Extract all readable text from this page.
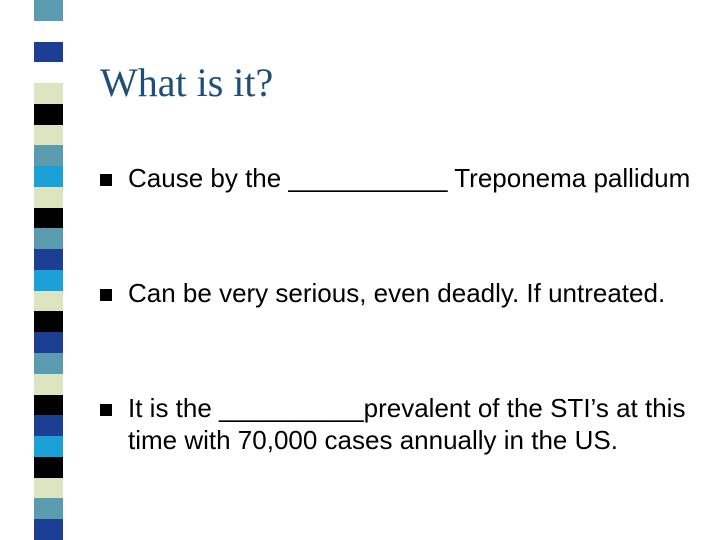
What is it?
Cause by the ___________ Treponema pallidum
Can be very serious, even deadly. If untreated.
It is the __________prevalent of the STI’s at this time with 70,000 cases annually in the US.
